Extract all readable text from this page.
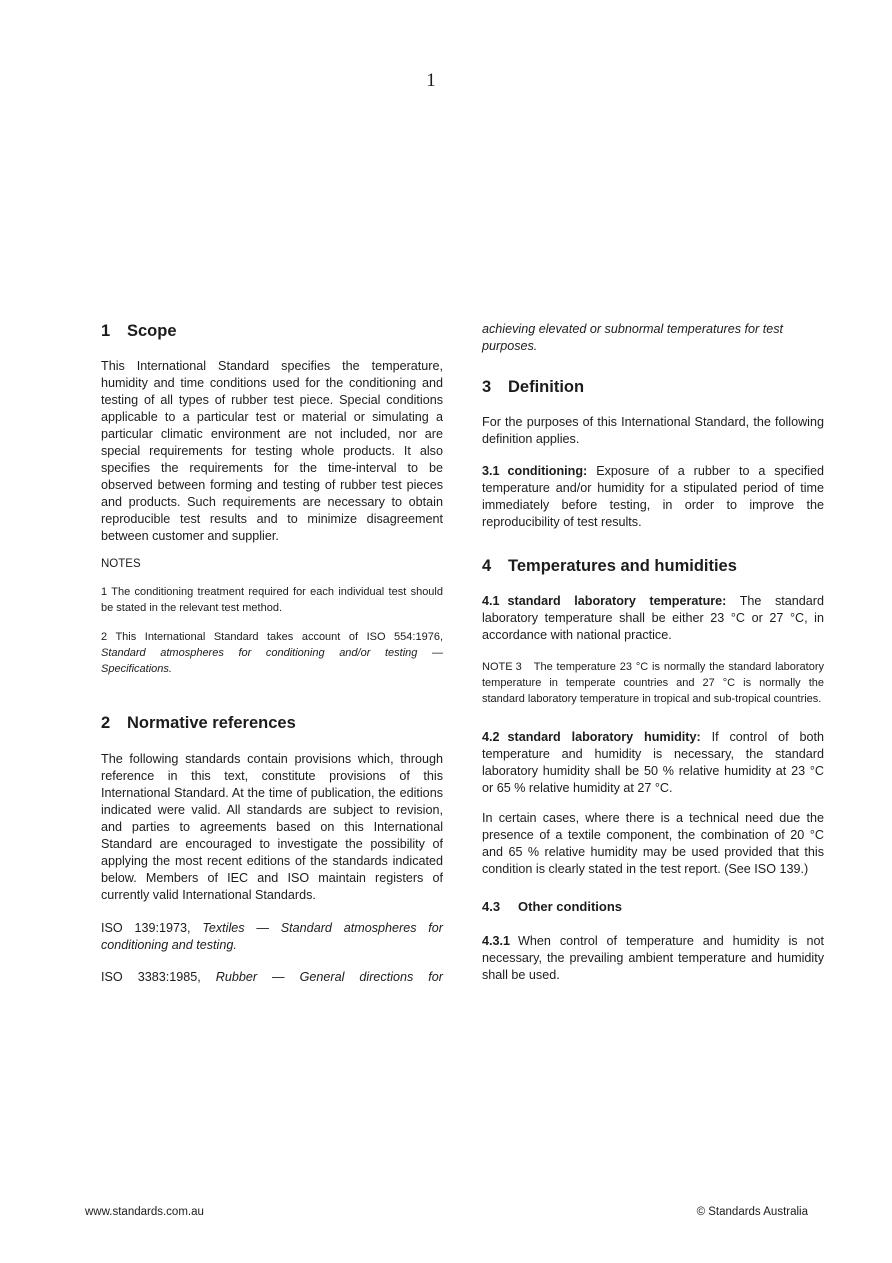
1
1 Scope

This International Standard specifies the temperature, humidity and time conditions used for the conditioning and testing of all types of rubber test piece. Special conditions applicable to a particular test or material or simulating a particular climatic environment are not included, nor are special requirements for testing whole products. It also specifies the requirements for the time-interval to be observed between forming and testing of rubber test pieces and products. Such requirements are necessary to obtain reproducible test results and to minimize disagreement between customer and supplier.

NOTES

1 The conditioning treatment required for each individual test should be stated in the relevant test method.

2 This International Standard takes account of ISO 554:1976, Standard atmospheres for conditioning and/or testing — Specifications.

2 Normative references

The following standards contain provisions which, through reference in this text, constitute provisions of this International Standard. At the time of publication, the editions indicated were valid. All standards are subject to revision, and parties to agreements based on this International Standard are encouraged to investigate the possibility of applying the most recent editions of the standards indicated below. Members of IEC and ISO maintain registers of currently valid International Standards.

ISO 139:1973, Textiles — Standard atmospheres for conditioning and testing.

ISO 3383:1985, Rubber — General directions for

achieving elevated or subnormal temperatures for test purposes.

3 Definition

For the purposes of this International Standard, the following definition applies.

3.1 conditioning: Exposure of a rubber to a specified temperature and/or humidity for a stipulated period of time immediately before testing, in order to improve the reproducibility of test results.

4 Temperatures and humidities

4.1 standard laboratory temperature: The standard laboratory temperature shall be either 23 °C or 27 °C, in accordance with national practice.

NOTE 3 The temperature 23 °C is normally the standard laboratory temperature in temperate countries and 27 °C is normally the standard laboratory temperature in tropical and sub-tropical countries.

4.2 standard laboratory humidity: If control of both temperature and humidity is necessary, the standard laboratory humidity shall be 50 % relative humidity at 23 °C or 65 % relative humidity at 27 °C.

In certain cases, where there is a technical need due the presence of a textile component, the combination of 20 °C and 65 % relative humidity may be used provided that this condition is clearly stated in the test report. (See ISO 139.)

4.3 Other conditions

4.3.1 When control of temperature and humidity is not necessary, the prevailing ambient temperature and humidity shall be used.

www.standards.com.au	© Standards Australia
